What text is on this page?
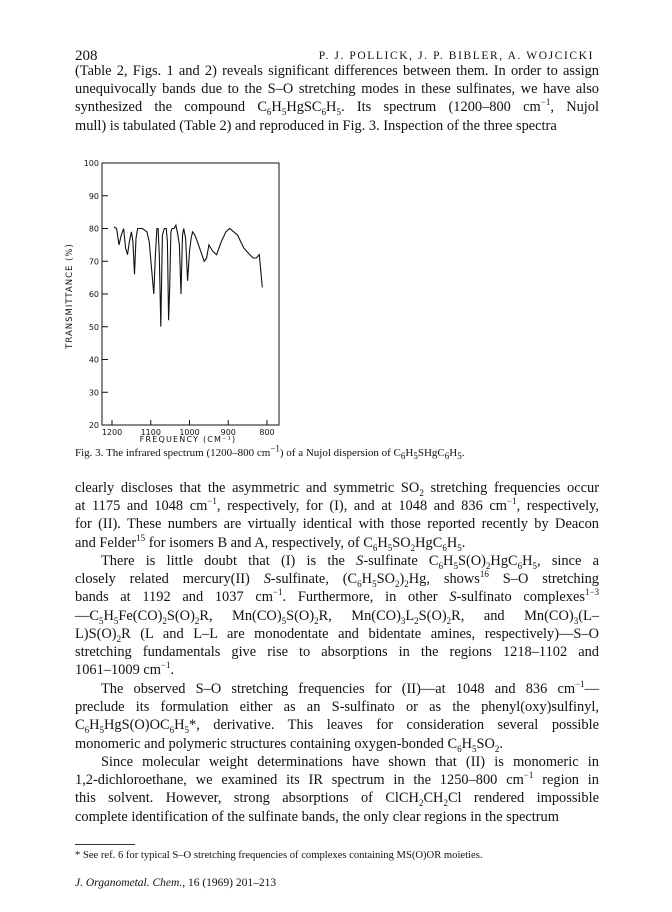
208	P. J. POLLICK, J. P. BIBLER, A. WOJCICKI
(Table 2, Figs. 1 and 2) reveals significant differences between them. In order to assign
unequivocally bands due to the S–O stretching modes in these sulfinates, we have also
synthesized the compound $C_6H_5HgSC_6H_5$. Its spectrum (1200–800 $cm^{-1}$, Nujol
mull) is tabulated (Table 2) and reproduced in Fig. 3. Inspection of the three spectra
100
90
80
70
60
50
40
30
20
1200 1100 1000	900	800
TRANSMITTANCE (%)
FREQUENCY (CM⁻¹)
Fig. 3. The infrared spectrum (1200–800 $cm^{-1}$) of a Nujol dispersion of $C_6H_5SHgC_6H_5$.
clearly discloses that the asymmetric and symmetric $SO_2$ stretching frequencies occur
at 1175 and 1048 $cm^{-1}$, respectively, for (I), and at 1048 and 836 $cm^{-1}$, respectively,
for (II). These numbers are virtually identical with those reported recently by Deacon
and Felder$^{15}$ for isomers B and A, respectively, of $C_6H_5SO_2HgC_6H_5$.
There is little doubt that (I) is the S-sulfinate $C_6H_5S(O)_2HgC_6H_5$, since a
closely related mercury(II) S-sulfinate, $(C_6H_5SO_2)_2Hg$, shows$^{16}$ S–O stretching
bands at 1192 and 1037 $cm^{-1}$. Furthermore, in other S-sulfinato complexes$^{1-3}$
$—C_5H_5Fe(CO)_2S(O)_2R$, $Mn(CO)_5S(O)_2R$, $Mn(CO)_3L_2S(O)_2R$, and $Mn(CO)_3(L-$
$L)S(O)_2R$ (L and L–L are monodentate and bidentate amines, respectively)—S–O
stretching fundamentals give rise to absorptions in the regions 1218–1102 and
1061–1009 $cm^{-1}$.
The observed S–O stretching frequencies for (II)—at 1048 and 836 $cm^{-1}—$
preclude its formulation either as an S-sulfinato or as the phenyl(oxy)sulfinyl,
$C_6H_5HgS(O)OC_6H_5*$, derivative. This leaves for consideration several possible
monomeric and polymeric structures containing oxygen-bonded $C_6H_5SO_2$.
Since molecular weight determinations have shown that (II) is monomeric in
1,2-dichloroethane, we examined its IR spectrum in the 1250–800 $cm^{-1}$ region in
this solvent. However, strong absorptions of $ClCH_2CH_2Cl$ rendered impossible
complete identification of the sulfinate bands, the only clear regions in the spectrum
* See ref. 6 for typical S–O stretching frequencies of complexes containing MS(O)OR moieties.
J. Organometal. Chem., 16 (1969) 201–213
